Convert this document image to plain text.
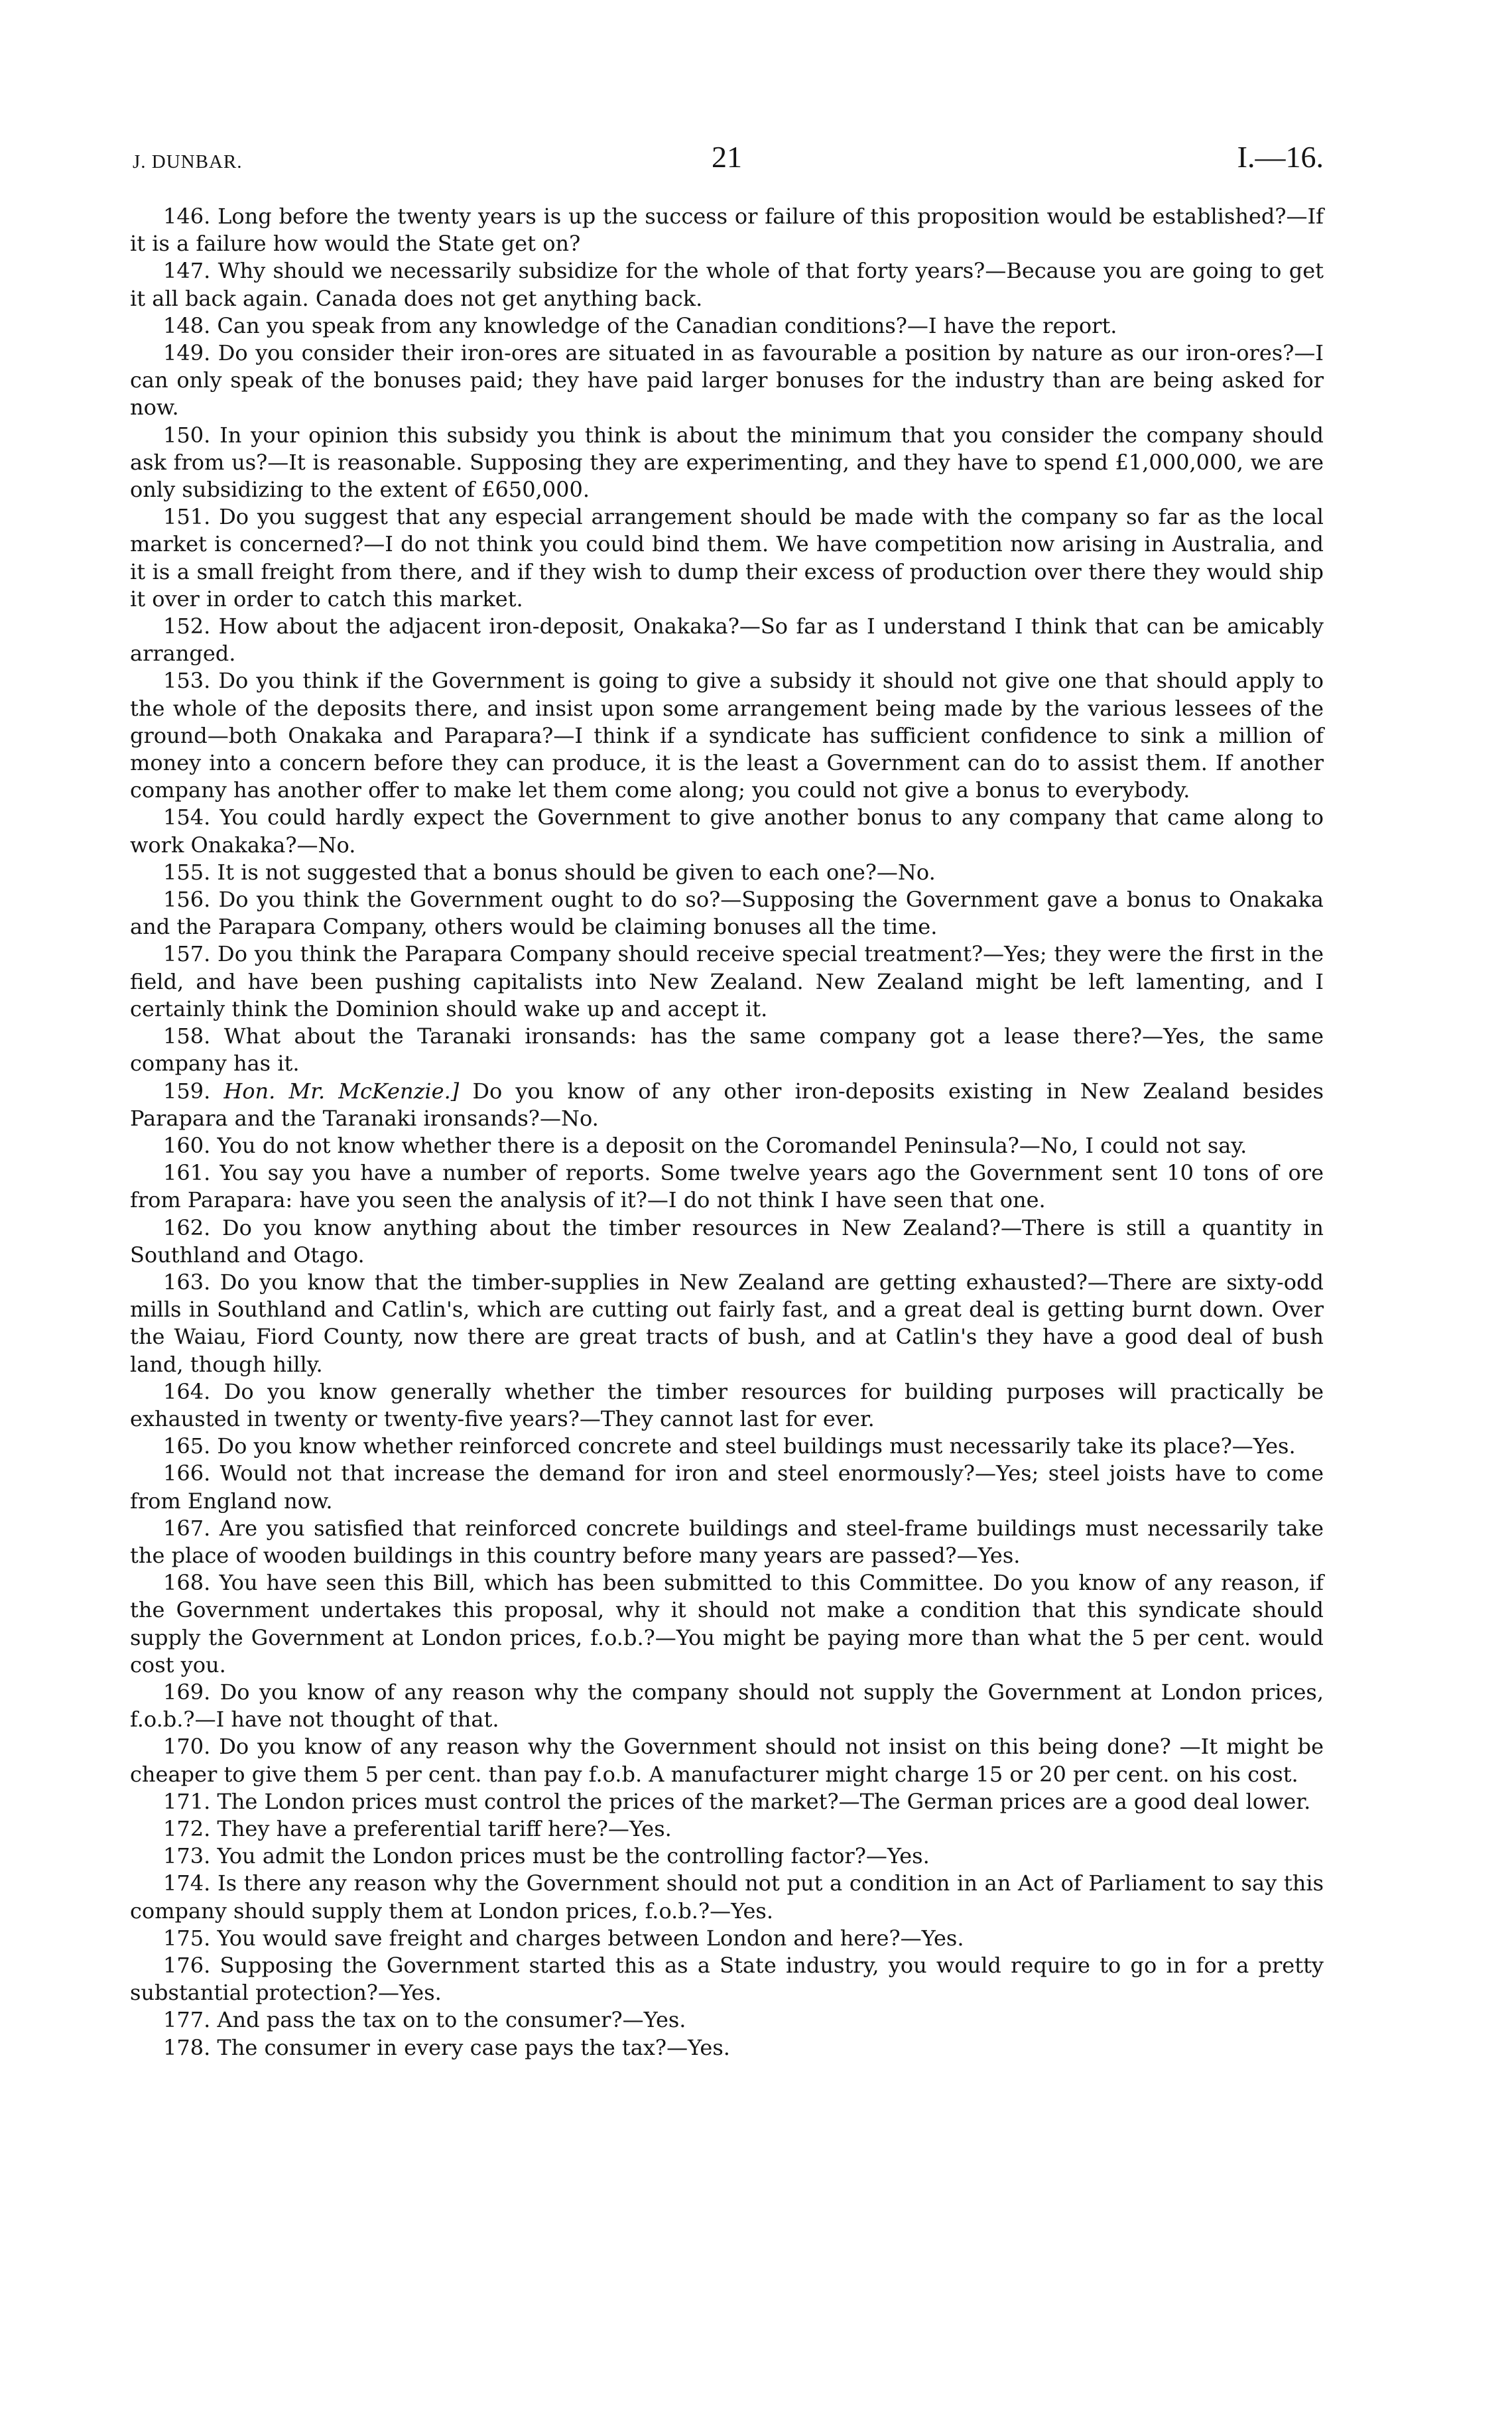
J. DUNBAR.	21	I.—16.

146. Long before the twenty years is up the success or failure of this proposition would be established?—If it is a failure how would the State get on?

147. Why should we necessarily subsidize for the whole of that forty years?—Because you are going to get it all back again. Canada does not get anything back.

148. Can you speak from any knowledge of the Canadian conditions?—I have the report.

149. Do you consider their iron-ores are situated in as favourable a position by nature as our iron-ores?—I can only speak of the bonuses paid; they have paid larger bonuses for the industry than are being asked for now.

150. In your opinion this subsidy you think is about the minimum that you consider the company should ask from us?—It is reasonable. Supposing they are experimenting, and they have to spend £1,000,000, we are only subsidizing to the extent of £650,000.

151. Do you suggest that any especial arrangement should be made with the company so far as the local market is concerned?—I do not think you could bind them. We have competition now arising in Australia, and it is a small freight from there, and if they wish to dump their excess of production over there they would ship it over in order to catch this market.

152. How about the adjacent iron-deposit, Onakaka?—So far as I understand I think that can be amicably arranged.

153. Do you think if the Government is going to give a subsidy it should not give one that should apply to the whole of the deposits there, and insist upon some arrangement being made by the various lessees of the ground—both Onakaka and Parapara?—I think if a syndicate has sufficient confidence to sink a million of money into a concern before they can produce, it is the least a Government can do to assist them. If another company has another offer to make let them come along; you could not give a bonus to everybody.

154. You could hardly expect the Government to give another bonus to any company that came along to work Onakaka?—No.

155. It is not suggested that a bonus should be given to each one?—No.

156. Do you think the Government ought to do so?—Supposing the Government gave a bonus to Onakaka and the Parapara Company, others would be claiming bonuses all the time.

157. Do you think the Parapara Company should receive special treatment?—Yes; they were the first in the field, and have been pushing capitalists into New Zealand. New Zealand might be left lamenting, and I certainly think the Dominion should wake up and accept it.

158. What about the Taranaki ironsands: has the same company got a lease there?—Yes, the same company has it.

159. Hon. Mr. McKenzie.] Do you know of any other iron-deposits existing in New Zealand besides Parapara and the Taranaki ironsands?—No.

160. You do not know whether there is a deposit on the Coromandel Peninsula?—No, I could not say.

161. You say you have a number of reports. Some twelve years ago the Government sent 10 tons of ore from Parapara: have you seen the analysis of it?—I do not think I have seen that one.

162. Do you know anything about the timber resources in New Zealand?—There is still a quantity in Southland and Otago.

163. Do you know that the timber-supplies in New Zealand are getting exhausted?—There are sixty-odd mills in Southland and Catlin's, which are cutting out fairly fast, and a great deal is getting burnt down. Over the Waiau, Fiord County, now there are great tracts of bush, and at Catlin's they have a good deal of bush land, though hilly.

164. Do you know generally whether the timber resources for building purposes will practically be exhausted in twenty or twenty-five years?—They cannot last for ever.

165. Do you know whether reinforced concrete and steel buildings must necessarily take its place?—Yes.

166. Would not that increase the demand for iron and steel enormously?—Yes; steel joists have to come from England now.

167. Are you satisfied that reinforced concrete buildings and steel-frame buildings must necessarily take the place of wooden buildings in this country before many years are passed?—Yes.

168. You have seen this Bill, which has been submitted to this Committee. Do you know of any reason, if the Government undertakes this proposal, why it should not make a condition that this syndicate should supply the Government at London prices, f.o.b.?—You might be paying more than what the 5 per cent. would cost you.

169. Do you know of any reason why the company should not supply the Government at London prices, f.o.b.?—I have not thought of that.

170. Do you know of any reason why the Government should not insist on this being done? —It might be cheaper to give them 5 per cent. than pay f.o.b. A manufacturer might charge 15 or 20 per cent. on his cost.

171. The London prices must control the prices of the market?—The German prices are a good deal lower.

172. They have a preferential tariff here?—Yes.

173. You admit the London prices must be the controlling factor?—Yes.

174. Is there any reason why the Government should not put a condition in an Act of Parliament to say this company should supply them at London prices, f.o.b.?—Yes.

175. You would save freight and charges between London and here?—Yes.

176. Supposing the Government started this as a State industry, you would require to go in for a pretty substantial protection?—Yes.

177. And pass the tax on to the consumer?—Yes.

178. The consumer in every case pays the tax?—Yes.
